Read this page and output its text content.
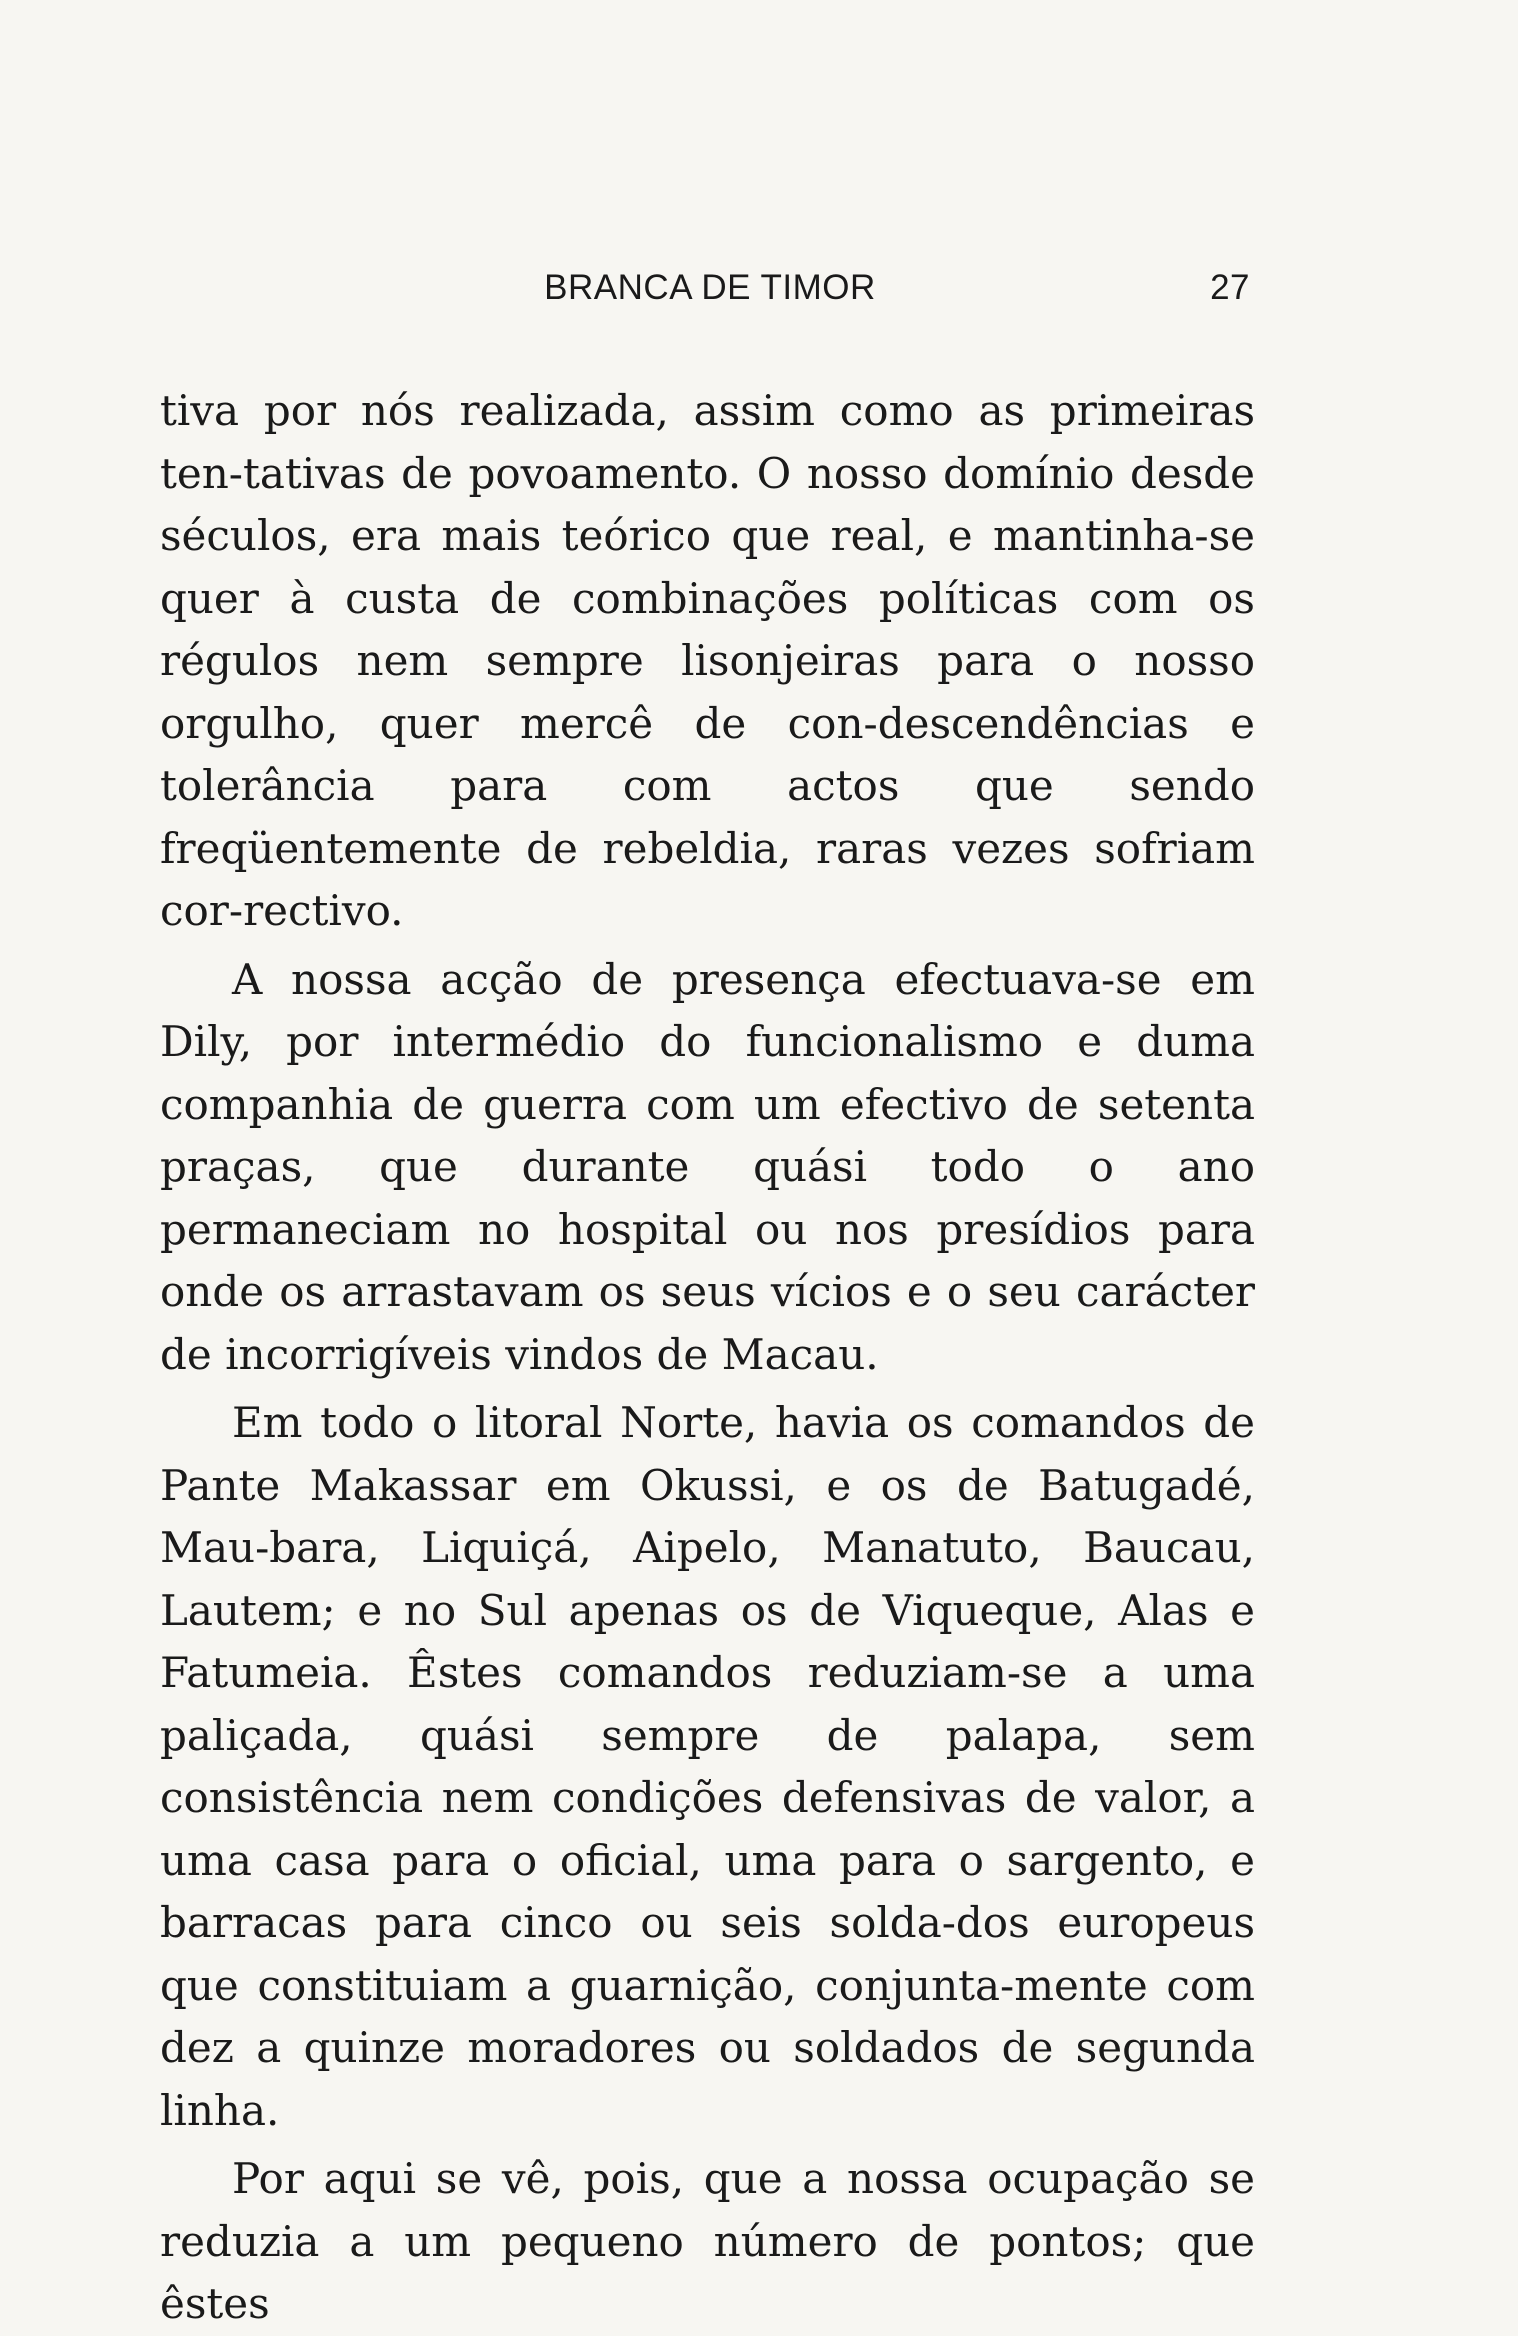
BRANCA DE TIMOR	27

tiva por nós realizada, assim como as primeiras ten-tativas de povoamento. O nosso domínio desde séculos, era mais teórico que real, e mantinha-se quer à custa de combinações políticas com os régulos nem sempre lisonjeiras para o nosso orgulho, quer mercê de con-descendências e tolerância para com actos que sendo freqüentemente de rebeldia, raras vezes sofriam cor-rectivo.

A nossa acção de presença efectuava-se em Dily, por intermédio do funcionalismo e duma companhia de guerra com um efectivo de setenta praças, que durante quási todo o ano permaneciam no hospital ou nos presídios para onde os arrastavam os seus vícios e o seu carácter de incorrigíveis vindos de Macau.

Em todo o litoral Norte, havia os comandos de Pante Makassar em Okussi, e os de Batugadé, Mau-bara, Liquiçá, Aipelo, Manatuto, Baucau, Lautem; e no Sul apenas os de Viqueque, Alas e Fatumeia. Êstes comandos reduziam-se a uma paliçada, quási sempre de palapa, sem consistência nem condições defensivas de valor, a uma casa para o oficial, uma para o sargento, e barracas para cinco ou seis solda-dos europeus que constituiam a guarnição, conjunta-mente com dez a quinze moradores ou soldados de segunda linha.

Por aqui se vê, pois, que a nossa ocupação se reduzia a um pequeno número de pontos; que êstes
